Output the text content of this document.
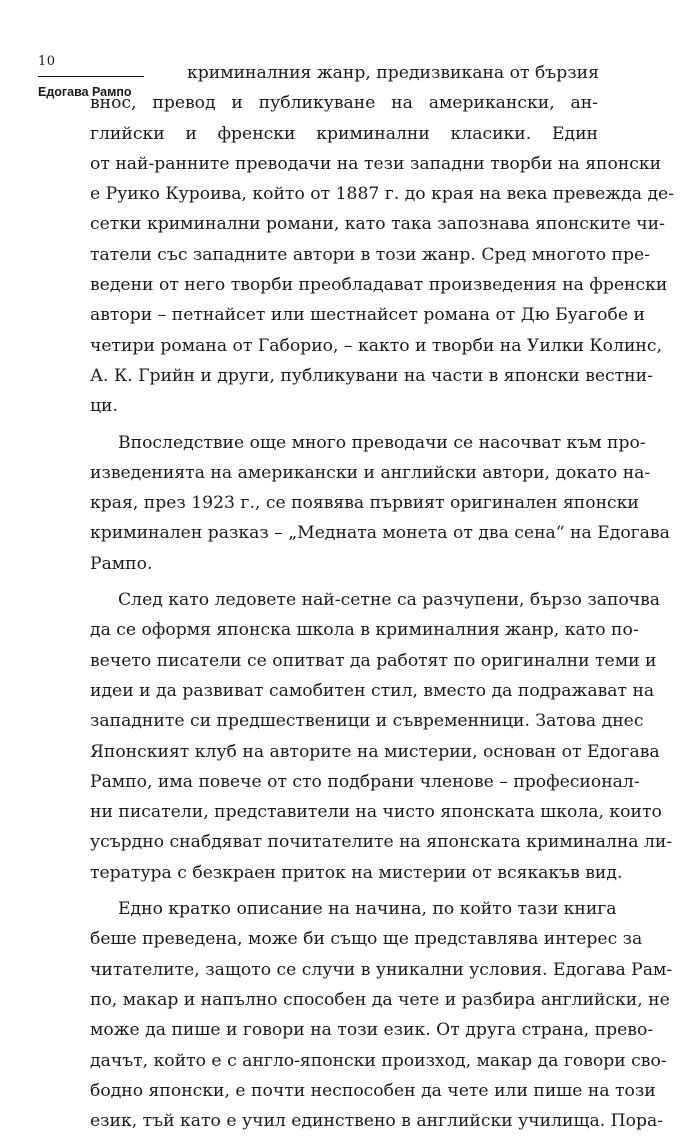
10
Едогава Рампо
криминалния жанр, предизвикана от бързия
внос, превод и публикуване на американски, ан-
глийски и френски криминални класики. Един
от най-ранните преводачи на тези западни творби на японски
е Руико Куроива, който от 1887 г. до края на века превежда де-
сетки криминални романи, като така запознава японските чи-
татели със западните автори в този жанр. Сред многото пре-
ведени от него творби преобладават произведения на френски
автори – петнайсет или шестнайсет романа от Дю Буагобе и
четири романа от Габорио, – както и творби на Уилки Колинс,
А. К. Грийн и други, публикувани на части в японски вестни-
ци.
Впоследствие още много преводачи се насочват към про-
изведенията на американски и английски автори, докато на-
края, през 1923 г., се появява първият оригинален японски
криминален разказ – „Медната монета от два сена“ на Едогава
Рампо.
След като ледовете най-сетне са разчупени, бързо започва
да се оформя японска школа в криминалния жанр, като по-
вечето писатели се опитват да работят по оригинални теми и
идеи и да развиват самобитен стил, вместо да подражават на
западните си предшественици и съвременници. Затова днес
Японският клуб на авторите на мистерии, основан от Едогава
Рампо, има повече от сто подбрани членове – професионал-
ни писатели, представители на чисто японската школа, които
усърдно снабдяват почитателите на японската криминална ли-
тература с безкраен приток на мистерии от всякакъв вид.
Едно кратко описание на начина, по който тази книга
беше преведена, може би също ще представлява интерес за
читателите, защото се случи в уникални условия. Едогава Рам-
по, макар и напълно способен да чете и разбира английски, не
може да пише и говори на този език. От друга страна, прево-
дачът, който е с англо-японски произход, макар да говори сво-
бодно японски, е почти неспособен да чете или пише на този
език, тъй като е учил единствено в английски училища. Пора-
